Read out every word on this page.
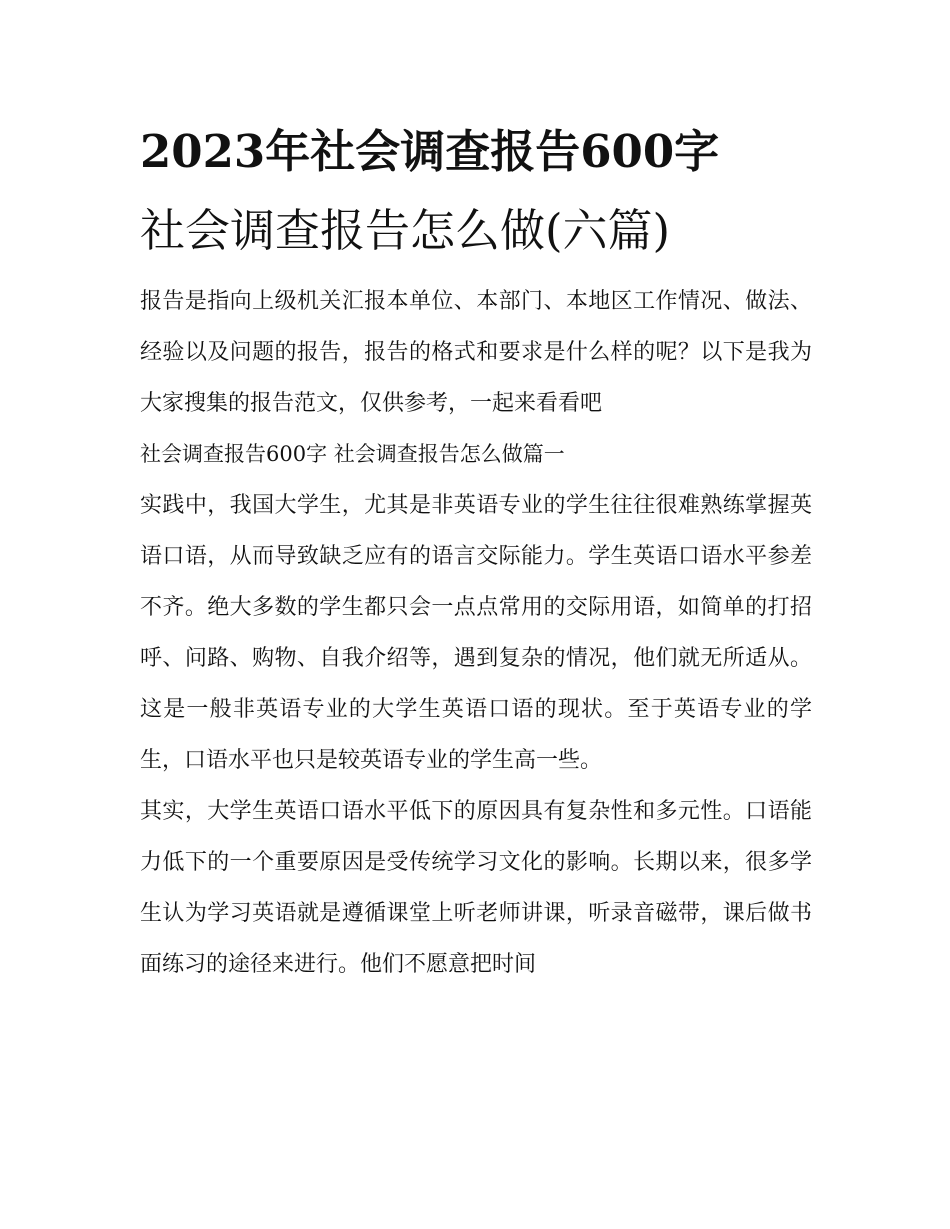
2023年社会调查报告600字
社会调查报告怎么做(六篇)

报告是指向上级机关汇报本单位、本部门、本地区工作情况、做法、经验以及问题的报告，报告的格式和要求是什么样的呢？以下是我为大家搜集的报告范文，仅供参考，一起来看看吧

社会调查报告600字 社会调查报告怎么做篇一

实践中，我国大学生，尤其是非英语专业的学生往往很难熟练掌握英语口语，从而导致缺乏应有的语言交际能力。学生英语口语水平参差不齐。绝大多数的学生都只会一点点常用的交际用语，如简单的打招呼、问路、购物、自我介绍等，遇到复杂的情况，他们就无所适从。这是一般非英语专业的大学生英语口语的现状。至于英语专业的学生，口语水平也只是较英语专业的学生高一些。

其实，大学生英语口语水平低下的原因具有复杂性和多元性。口语能力低下的一个重要原因是受传统学习文化的影响。长期以来，很多学生认为学习英语就是遵循课堂上听老师讲课，听录音磁带，课后做书面练习的途径来进行。他们不愿意把时间
